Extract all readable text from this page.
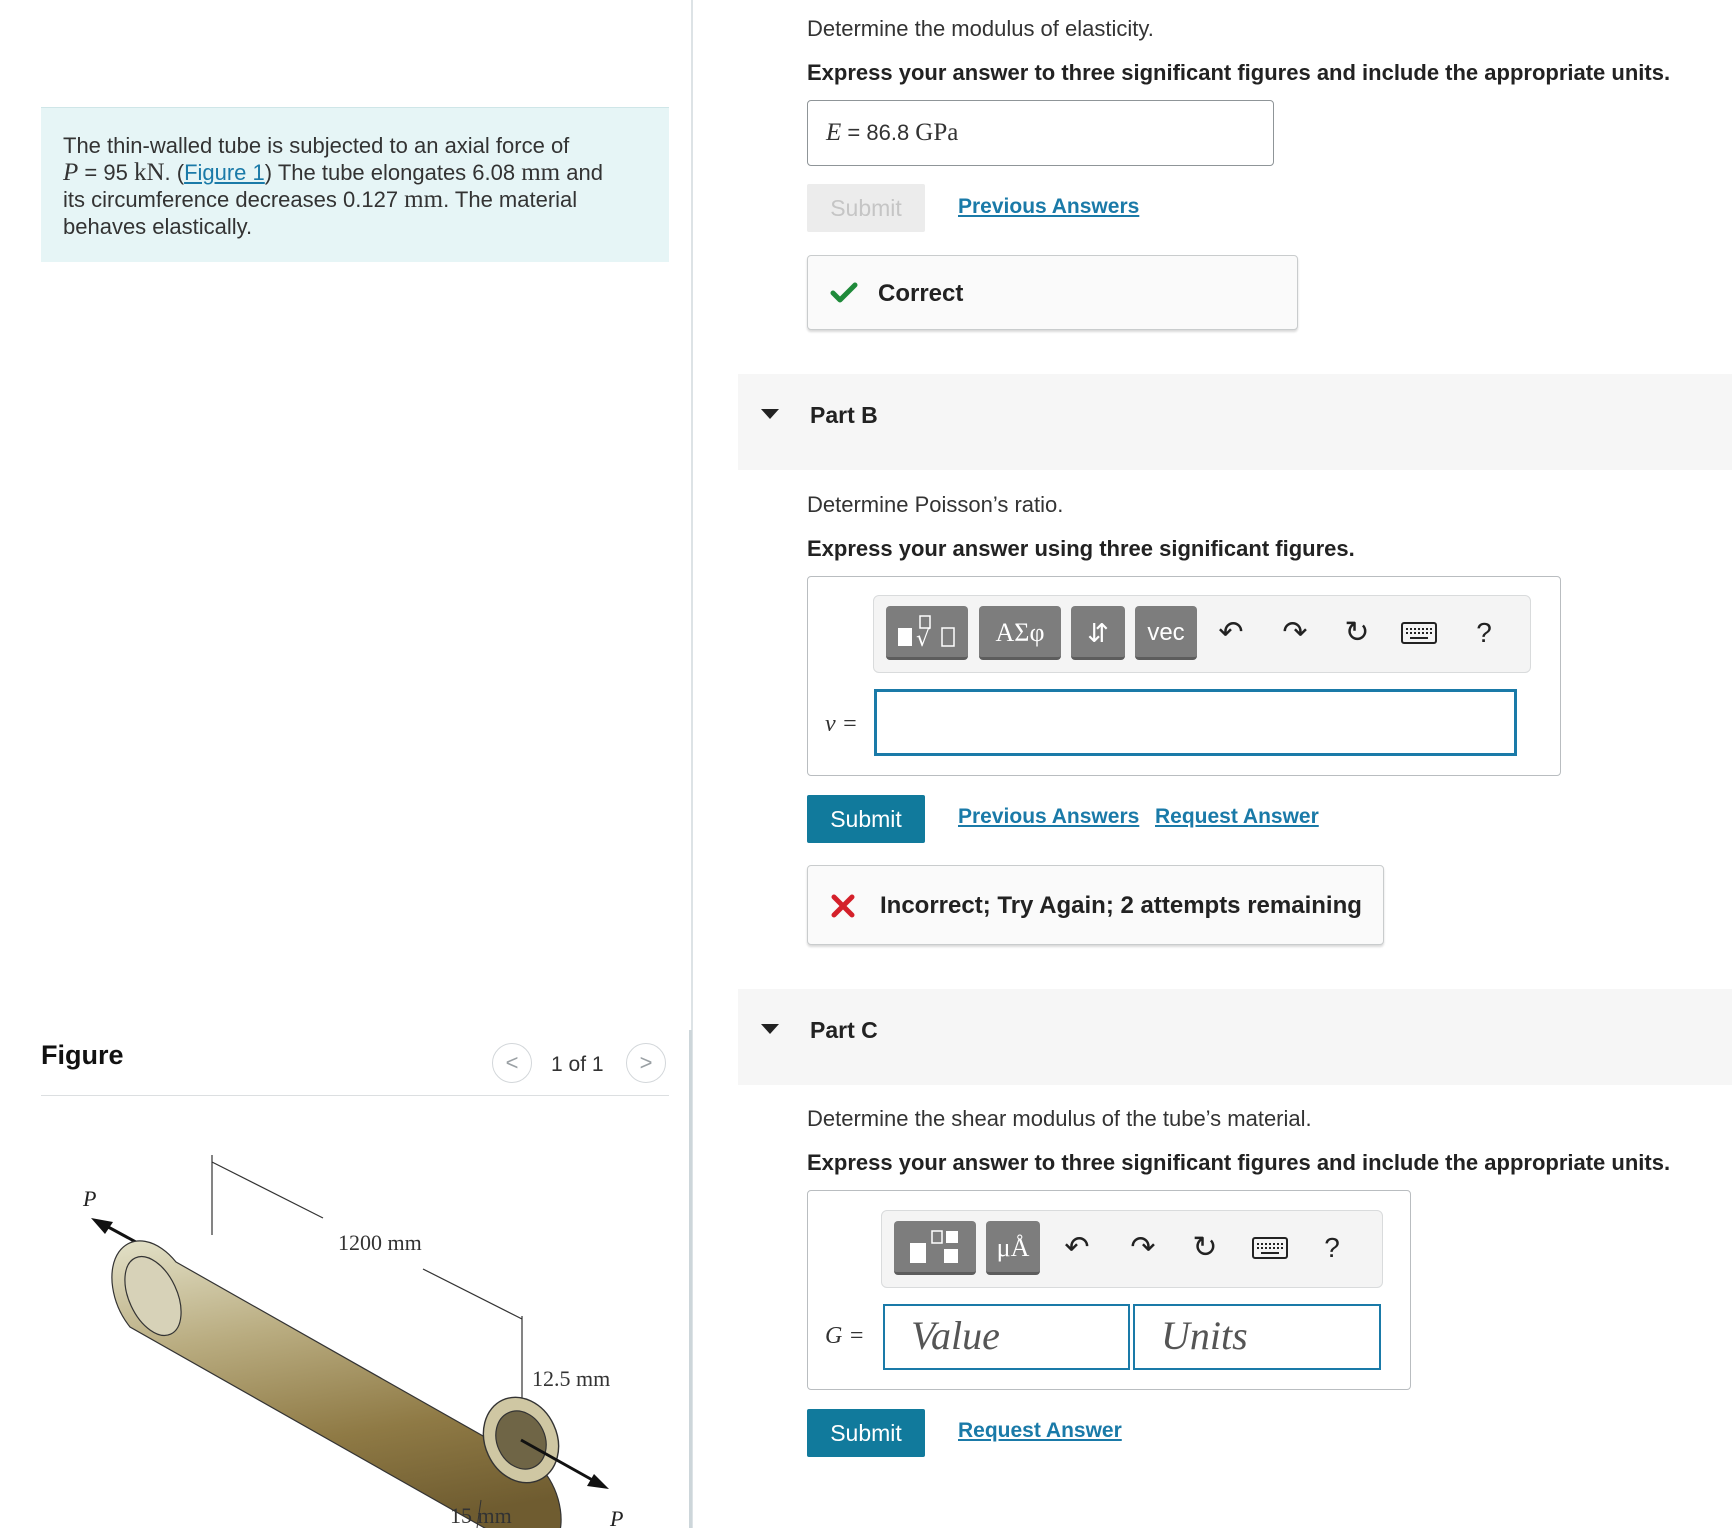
The thin-walled tube is subjected to an axial force of
P = 95 kN. (Figure 1) The tube elongates 6.08 mm and
its circumference decreases 0.127 mm. The material
behaves elastically.
Figure	<	1 of 1	>
P
1200 mm
12.5 mm
15 mm	P
Determine the modulus of elasticity.
Express your answer to three significant figures and include the appropriate units.
E = 86.8 GPa
Submit	Previous Answers
Correct
Part B
Determine Poisson’s ratio.
Express your answer using three significant figures.
√	ΑΣφ	⇵	vec	↶ ↷ ↻	?
ν =
Submit	Previous Answers Request Answer
Incorrect; Try Again; 2 attempts remaining
Part C
Determine the shear modulus of the tube’s material.
Express your answer to three significant figures and include the appropriate units.
μÅ	↶ ↷ ↻	?
G =	Value	Units
Submit	Request Answer
